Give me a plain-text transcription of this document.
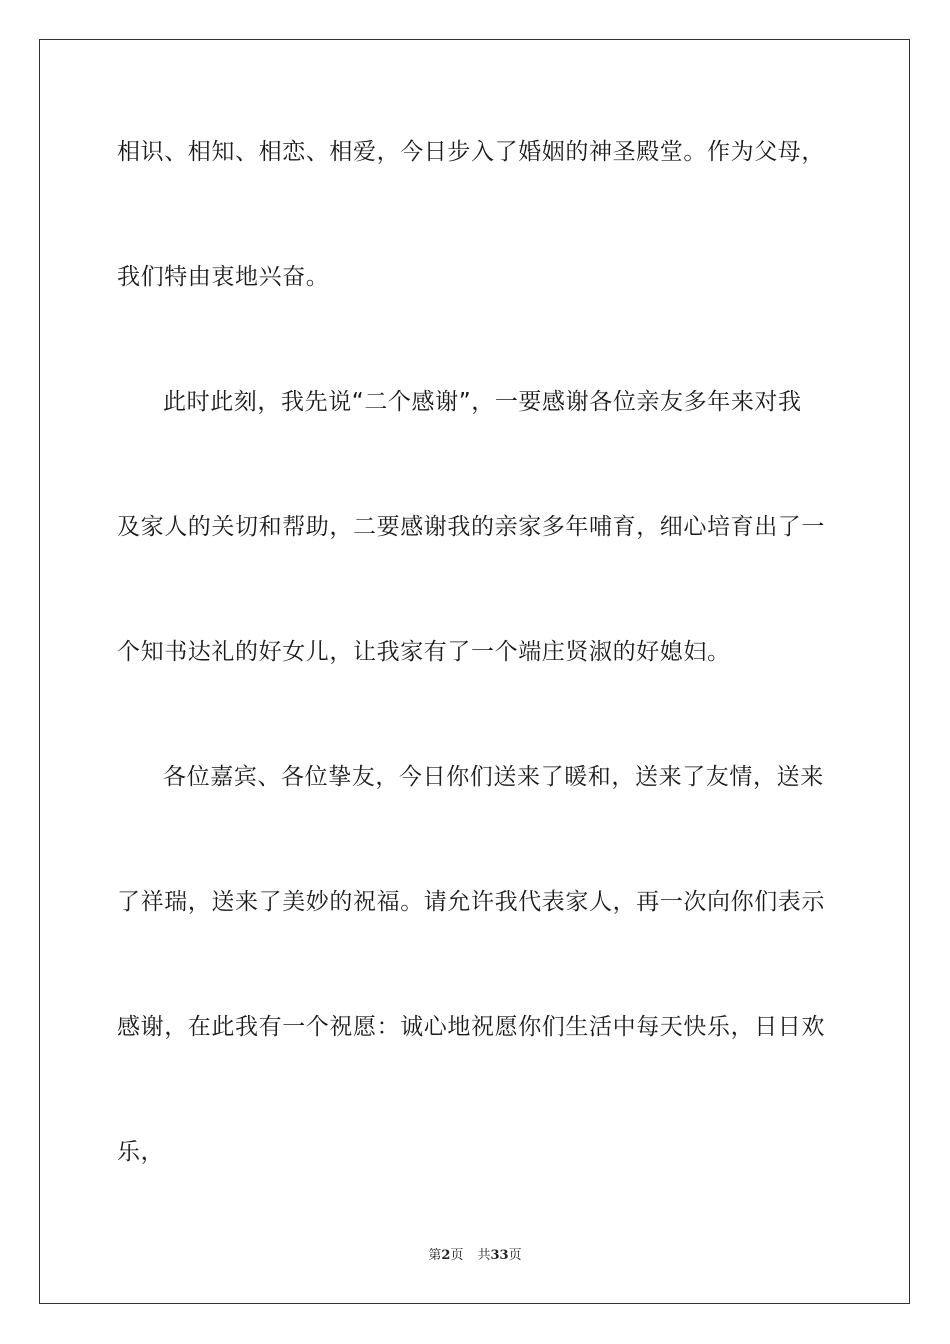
相识、相知、相恋、相爱，今日步入了婚姻的神圣殿堂。作为父母，
我们特由衷地兴奋。
此时此刻，我先说“二个感谢”，一要感谢各位亲友多年来对我
及家人的关切和帮助，二要感谢我的亲家多年哺育，细心培育出了一
个知书达礼的好女儿，让我家有了一个端庄贤淑的好媳妇。
各位嘉宾、各位挚友，今日你们送来了暖和，送来了友情，送来
了祥瑞，送来了美妙的祝福。请允许我代表家人，再一次向你们表示
感谢，在此我有一个祝愿：诚心地祝愿你们生活中每天快乐，日日欢
乐，
第2页 共33页
